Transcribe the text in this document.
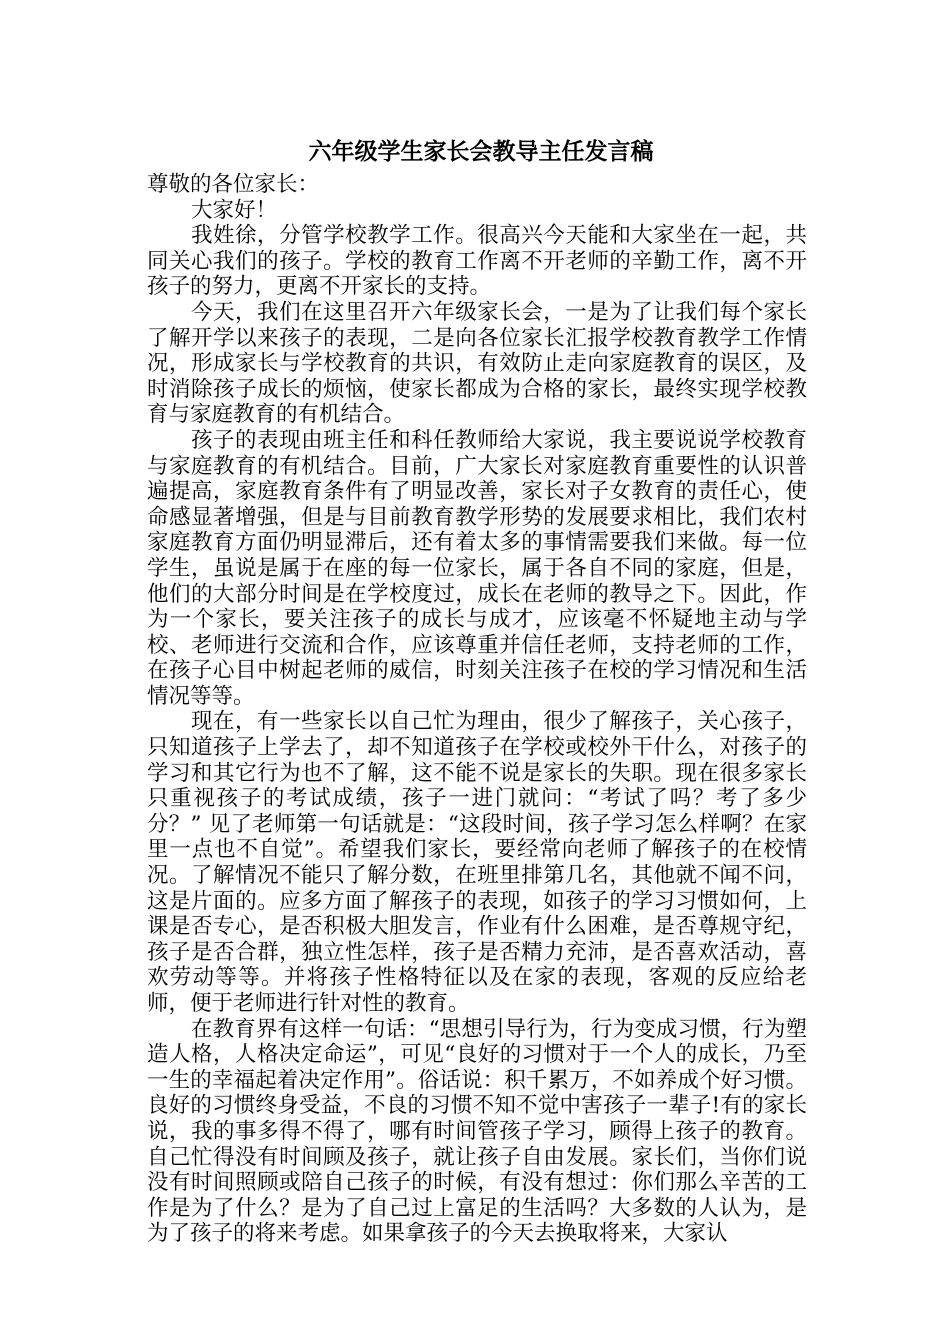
六年级学生家长会教导主任发言稿

尊敬的各位家长：

大家好！

我姓徐，分管学校教学工作。很高兴今天能和大家坐在一起，共同关心我们的孩子。学校的教育工作离不开老师的辛勤工作，离不开孩子的努力，更离不开家长的支持。

今天，我们在这里召开六年级家长会，一是为了让我们每个家长了解开学以来孩子的表现，二是向各位家长汇报学校教育教学工作情况，形成家长与学校教育的共识，有效防止走向家庭教育的误区，及时消除孩子成长的烦恼，使家长都成为合格的家长，最终实现学校教育与家庭教育的有机结合。

孩子的表现由班主任和科任教师给大家说，我主要说说学校教育与家庭教育的有机结合。目前，广大家长对家庭教育重要性的认识普遍提高，家庭教育条件有了明显改善，家长对子女教育的责任心，使命感显著增强，但是与目前教育教学形势的发展要求相比，我们农村家庭教育方面仍明显滞后，还有着太多的事情需要我们来做。每一位学生，虽说是属于在座的每一位家长，属于各自不同的家庭，但是，他们的大部分时间是在学校度过，成长在老师的教导之下。因此，作为一个家长，要关注孩子的成长与成才，应该毫不怀疑地主动与学校、老师进行交流和合作，应该尊重并信任老师，支持老师的工作，在孩子心目中树起老师的威信，时刻关注孩子在校的学习情况和生活情况等等。

现在，有一些家长以自己忙为理由，很少了解孩子，关心孩子，只知道孩子上学去了，却不知道孩子在学校或校外干什么，对孩子的学习和其它行为也不了解，这不能不说是家长的失职。现在很多家长只重视孩子的考试成绩，孩子一进门就问：“考试了吗？考了多少分？” 见了老师第一句话就是：“这段时间，孩子学习怎么样啊？在家里一点也不自觉”。希望我们家长，要经常向老师了解孩子的在校情况。了解情况不能只了解分数，在班里排第几名，其他就不闻不问，这是片面的。应多方面了解孩子的表现，如孩子的学习习惯如何，上课是否专心，是否积极大胆发言，作业有什么困难，是否尊规守纪，孩子是否合群，独立性怎样，孩子是否精力充沛，是否喜欢活动，喜欢劳动等等。并将孩子性格特征以及在家的表现，客观的反应给老师，便于老师进行针对性的教育。

在教育界有这样一句话：“思想引导行为，行为变成习惯，行为塑造人格，人格决定命运”，可见“良好的习惯对于一个人的成长，乃至一生的幸福起着决定作用”。俗话说：积千累万，不如养成个好习惯。良好的习惯终身受益，不良的习惯不知不觉中害孩子一辈子!有的家长说，我的事多得不得了，哪有时间管孩子学习，顾得上孩子的教育。自己忙得没有时间顾及孩子，就让孩子自由发展。家长们，当你们说没有时间照顾或陪自己孩子的时候，有没有想过：你们那么辛苦的工作是为了什么？是为了自己过上富足的生活吗？大多数的人认为，是为了孩子的将来考虑。如果拿孩子的今天去换取将来，大家认
